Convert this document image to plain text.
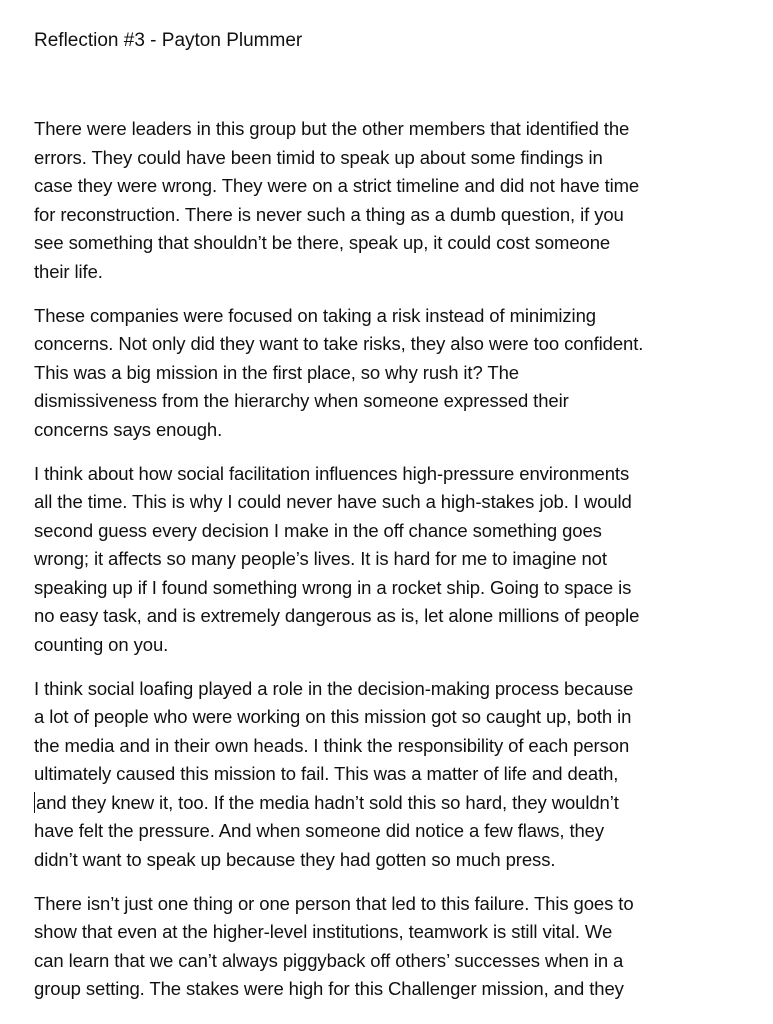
Reflection #3 - Payton Plummer

There were leaders in this group but the other members that identified the
errors. They could have been timid to speak up about some findings in
case they were wrong. They were on a strict timeline and did not have time
for reconstruction. There is never such a thing as a dumb question, if you
see something that shouldn’t be there, speak up, it could cost someone
their life.

These companies were focused on taking a risk instead of minimizing
concerns. Not only did they want to take risks, they also were too confident.
This was a big mission in the first place, so why rush it? The
dismissiveness from the hierarchy when someone expressed their
concerns says enough.

I think about how social facilitation influences high-pressure environments
all the time. This is why I could never have such a high-stakes job. I would
second guess every decision I make in the off chance something goes
wrong; it affects so many people’s lives. It is hard for me to imagine not
speaking up if I found something wrong in a rocket ship. Going to space is
no easy task, and is extremely dangerous as is, let alone millions of people
counting on you.

I think social loafing played a role in the decision-making process because
a lot of people who were working on this mission got so caught up, both in
the media and in their own heads. I think the responsibility of each person
ultimately caused this mission to fail. This was a matter of life and death,
and they knew it, too. If the media hadn’t sold this so hard, they wouldn’t
have felt the pressure. And when someone did notice a few flaws, they
didn’t want to speak up because they had gotten so much press.

There isn’t just one thing or one person that led to this failure. This goes to
show that even at the higher-level institutions, teamwork is still vital. We
can learn that we can’t always piggyback off others’ successes when in a
group setting. The stakes were high for this Challenger mission, and they
